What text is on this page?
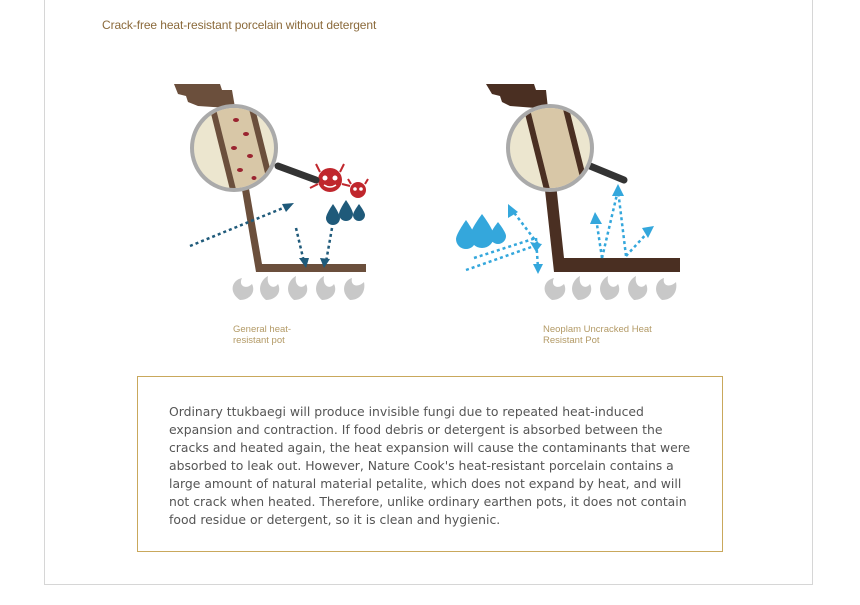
Crack-free heat-resistant porcelain without detergent
General heat-
resistant pot
Neoplam Uncracked Heat
Resistant Pot

Ordinary ttukbaegi will produce invisible fungi due to repeated heat-induced expansion and contraction. If food debris or detergent is absorbed between the cracks and heated again, the heat expansion will cause the contaminants that were absorbed to leak out. However, Nature Cook's heat-resistant porcelain contains a large amount of natural material petalite, which does not expand by heat, and will not crack when heated. Therefore, unlike ordinary earthen pots, it does not contain food residue or detergent, so it is clean and hygienic.
